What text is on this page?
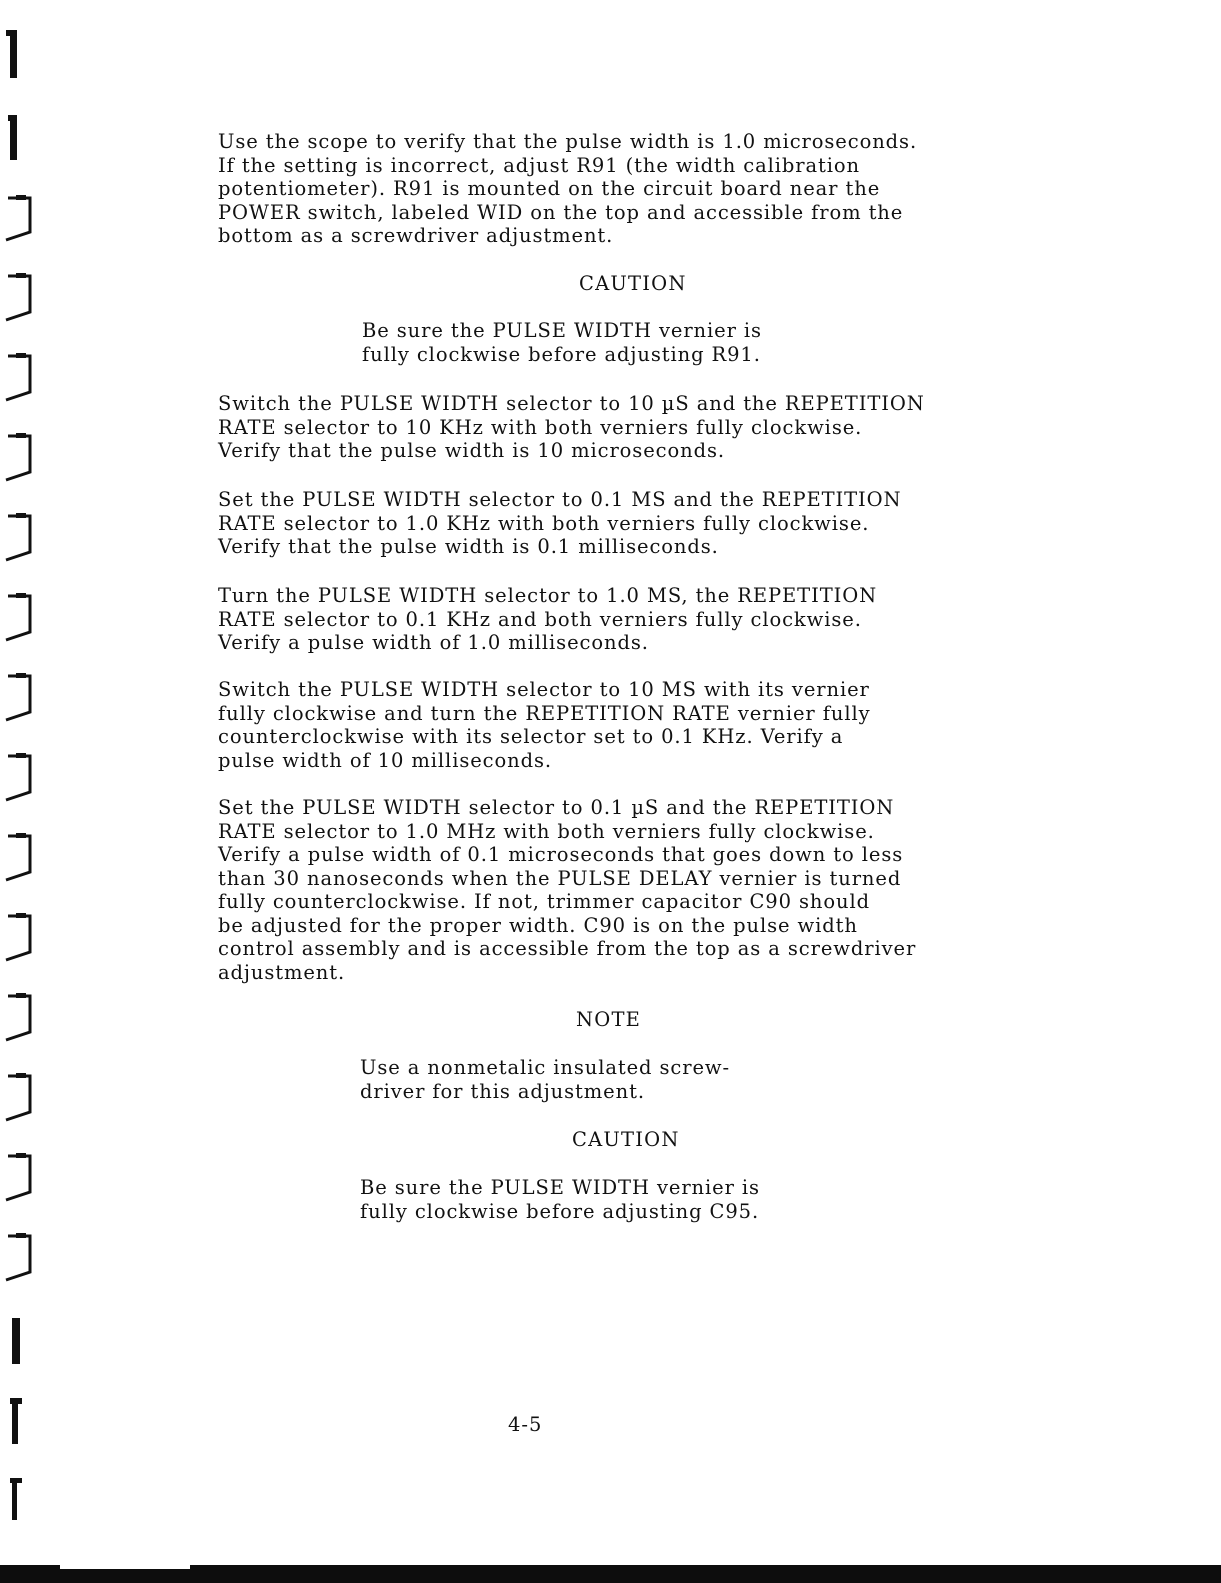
Use the scope to verify that the pulse width is 1.0 microseconds.
If the setting is incorrect, adjust R91 (the width calibration
potentiometer). R91 is mounted on the circuit board near the
POWER switch, labeled WID on the top and accessible from the
bottom as a screwdriver adjustment.

CAUTION

Be sure the PULSE WIDTH vernier is
fully clockwise before adjusting R91.

Switch the PULSE WIDTH selector to 10 µS and the REPETITION
RATE selector to 10 KHz with both verniers fully clockwise.
Verify that the pulse width is 10 microseconds.

Set the PULSE WIDTH selector to 0.1 MS and the REPETITION
RATE selector to 1.0 KHz with both verniers fully clockwise.
Verify that the pulse width is 0.1 milliseconds.

Turn the PULSE WIDTH selector to 1.0 MS, the REPETITION
RATE selector to 0.1 KHz and both verniers fully clockwise.
Verify a pulse width of 1.0 milliseconds.

Switch the PULSE WIDTH selector to 10 MS with its vernier
fully clockwise and turn the REPETITION RATE vernier fully
counterclockwise with its selector set to 0.1 KHz. Verify a
pulse width of 10 milliseconds.

Set the PULSE WIDTH selector to 0.1 µS and the REPETITION
RATE selector to 1.0 MHz with both verniers fully clockwise.
Verify a pulse width of 0.1 microseconds that goes down to less
than 30 nanoseconds when the PULSE DELAY vernier is turned
fully counterclockwise. If not, trimmer capacitor C90 should
be adjusted for the proper width. C90 is on the pulse width
control assembly and is accessible from the top as a screwdriver
adjustment.

NOTE

Use a nonmetalic insulated screw-
driver for this adjustment.

CAUTION

Be sure the PULSE WIDTH vernier is
fully clockwise before adjusting C95.

4-5
